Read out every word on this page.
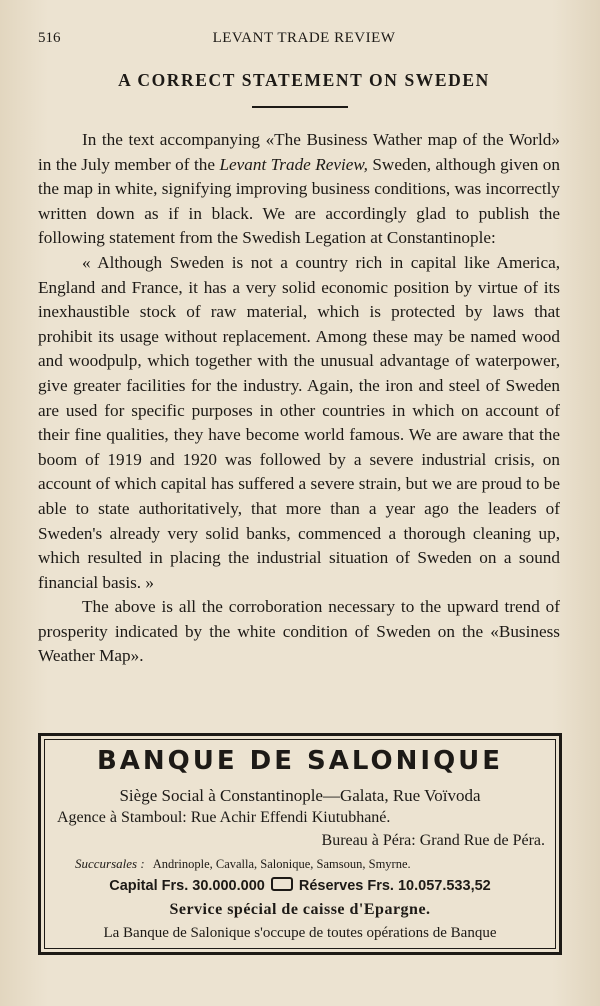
516	LEVANT TRADE REVIEW
A CORRECT STATEMENT ON SWEDEN

In the text accompanying «The Business Wather map of the World» in the July member of the Levant Trade Review, Sweden, although given on the map in white, signifying improving business conditions, was incorrectly written down as if in black. We are accordingly glad to publish the following statement from the Swedish Legation at Constantinople:

« Although Sweden is not a country rich in capital like America, England and France, it has a very solid economic position by virtue of its inexhaustible stock of raw material, which is protected by laws that prohibit its usage without replacement. Among these may be named wood and woodpulp, which together with the unusual advantage of waterpower, give greater facilities for the industry. Again, the iron and steel of Sweden are used for specific purposes in other countries in which on account of their fine qualities, they have become world famous. We are aware that the boom of 1919 and 1920 was followed by a severe industrial crisis, on account of which capital has suffered a severe strain, but we are proud to be able to state authoritatively, that more than a year ago the leaders of Sweden's already very solid banks, commenced a thorough cleaning up, which resulted in placing the industrial situation of Sweden on a sound financial basis. »

The above is all the corroboration necessary to the upward trend of prosperity indicated by the white condition of Sweden on the «Business Weather Map».

BANQUE DE SALONIQUE
Siège Social à Constantinople—Galata, Rue Voïvoda
Agence à Stamboul: Rue Achir Effendi Kiutubhané.
Bureau à Péra: Grand Rue de Péra.
Succursales : Andrinople, Cavalla, Salonique, Samsoun, Smyrne.
Capital Frs. 30.000.000 Réserves Frs. 10.057.533,52
Service spécial de caisse d'Epargne.
La Banque de Salonique s'occupe de toutes opérations de Banque
